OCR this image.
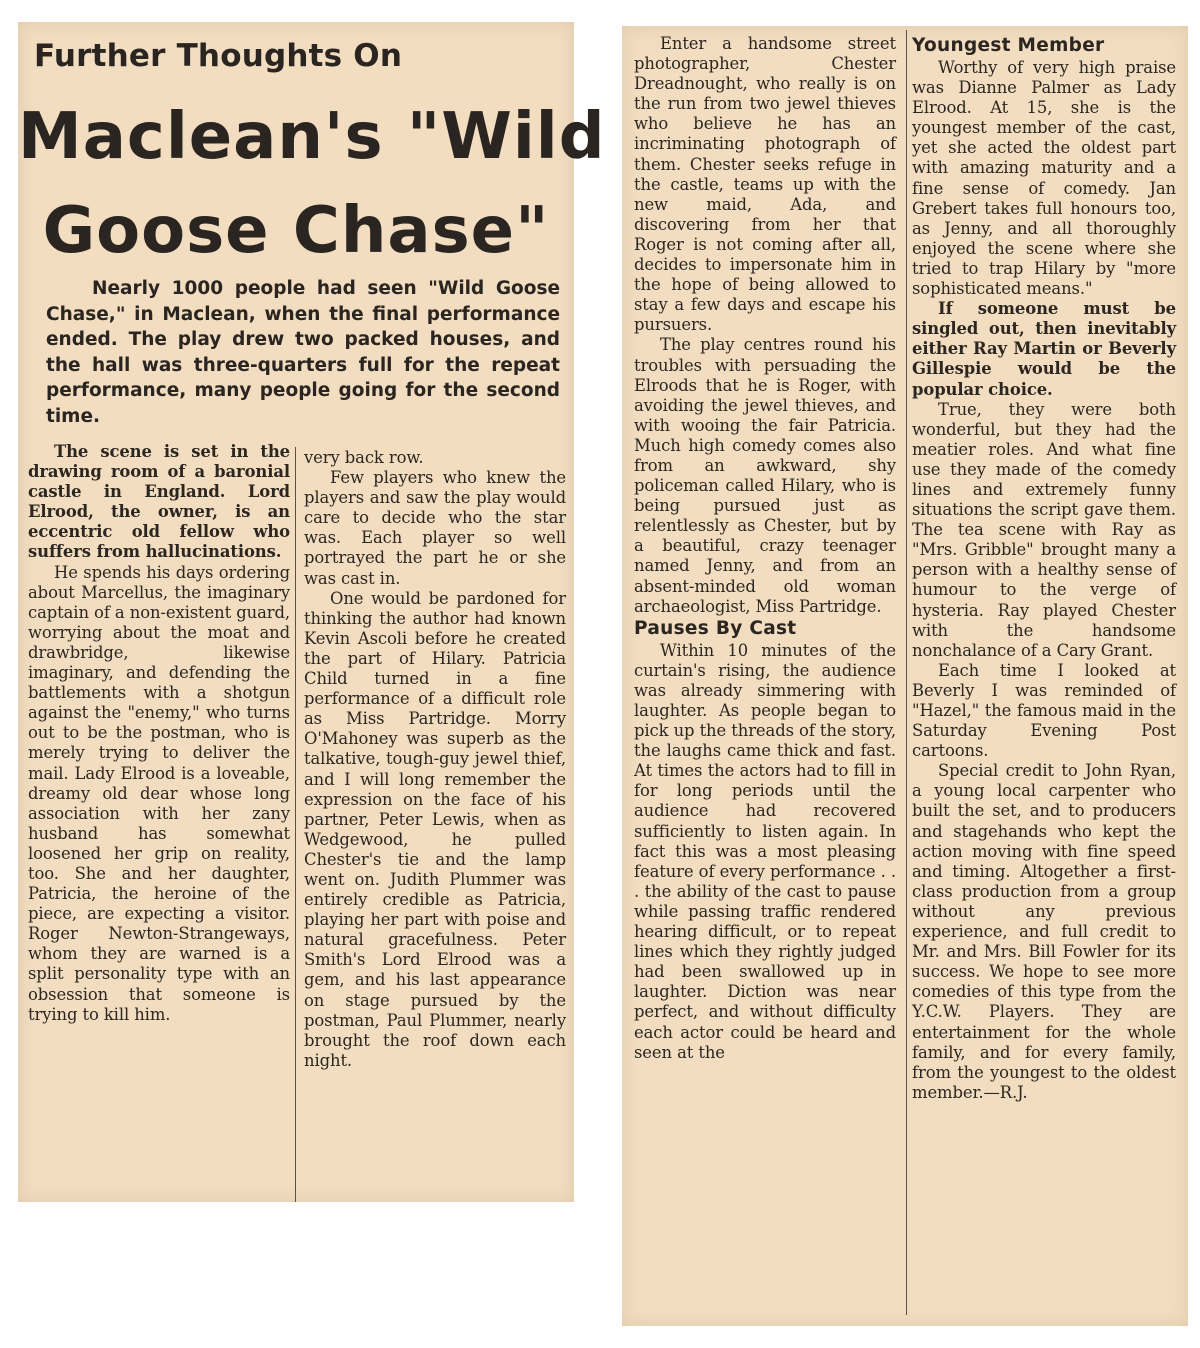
Further Thoughts On
Maclean's "Wild
Goose Chase"
Nearly 1000 people had seen "Wild Goose Chase," in Maclean, when the final performance ended. The play drew two packed houses, and the hall was three-quarters full for the repeat performance, many people going for the second time.

The scene is set in the drawing room of a baronial castle in England. Lord Elrood, the owner, is an eccentric old fellow who suffers from hallucinations.

He spends his days ordering about Marcellus, the imaginary captain of a non-existent guard, worrying about the moat and drawbridge, likewise imaginary, and defending the battlements with a shotgun against the "enemy," who turns out to be the postman, who is merely trying to deliver the mail. Lady Elrood is a loveable, dreamy old dear whose long association with her zany husband has somewhat loosened her grip on reality, too. She and her daughter, Patricia, the heroine of the piece, are expecting a visitor. Roger Newton-Strangeways, whom they are warned is a split personality type with an obsession that someone is trying to kill him.

very back row.

Few players who knew the players and saw the play would care to decide who the star was. Each player so well portrayed the part he or she was cast in.

One would be pardoned for thinking the author had known Kevin Ascoli before he created the part of Hilary. Patricia Child turned in a fine performance of a difficult role as Miss Partridge. Morry O'Mahoney was superb as the talkative, tough-guy jewel thief, and I will long remember the expression on the face of his partner, Peter Lewis, when as Wedgewood, he pulled Chester's tie and the lamp went on. Judith Plummer was entirely credible as Patricia, playing her part with poise and natural gracefulness. Peter Smith's Lord Elrood was a gem, and his last appearance on stage pursued by the postman, Paul Plummer, nearly brought the roof down each night.

Enter a handsome street photographer, Chester Dreadnought, who really is on the run from two jewel thieves who believe he has an incriminating photograph of them. Chester seeks refuge in the castle, teams up with the new maid, Ada, and discovering from her that Roger is not coming after all, decides to impersonate him in the hope of being allowed to stay a few days and escape his pursuers.

The play centres round his troubles with persuading the Elroods that he is Roger, with avoiding the jewel thieves, and with wooing the fair Patricia. Much high comedy comes also from an awkward, shy policeman called Hilary, who is being pursued just as relentlessly as Chester, but by a beautiful, crazy teenager named Jenny, and from an absent-minded old woman archaeologist, Miss Partridge.

Pauses By Cast

Within 10 minutes of the curtain's rising, the audience was already simmering with laughter. As people began to pick up the threads of the story, the laughs came thick and fast. At times the actors had to fill in for long periods until the audience had recovered sufficiently to listen again. In fact this was a most pleasing feature of every performance . . . the ability of the cast to pause while passing traffic rendered hearing difficult, or to repeat lines which they rightly judged had been swallowed up in laughter. Diction was near perfect, and without difficulty each actor could be heard and seen at the

Youngest Member

Worthy of very high praise was Dianne Palmer as Lady Elrood. At 15, she is the youngest member of the cast, yet she acted the oldest part with amazing maturity and a fine sense of comedy. Jan Grebert takes full honours too, as Jenny, and all thoroughly enjoyed the scene where she tried to trap Hilary by "more sophisticated means."

If someone must be singled out, then inevitably either Ray Martin or Beverly Gillespie would be the popular choice.

True, they were both wonderful, but they had the meatier roles. And what fine use they made of the comedy lines and extremely funny situations the script gave them. The tea scene with Ray as "Mrs. Gribble" brought many a person with a healthy sense of humour to the verge of hysteria. Ray played Chester with the handsome nonchalance of a Cary Grant.

Each time I looked at Beverly I was reminded of "Hazel," the famous maid in the Saturday Evening Post cartoons.

Special credit to John Ryan, a young local carpenter who built the set, and to producers and stagehands who kept the action moving with fine speed and timing. Altogether a first-class production from a group without any previous experience, and full credit to Mr. and Mrs. Bill Fowler for its success. We hope to see more comedies of this type from the Y.C.W. Players. They are entertainment for the whole family, and for every family, from the youngest to the oldest member.—R.J.
